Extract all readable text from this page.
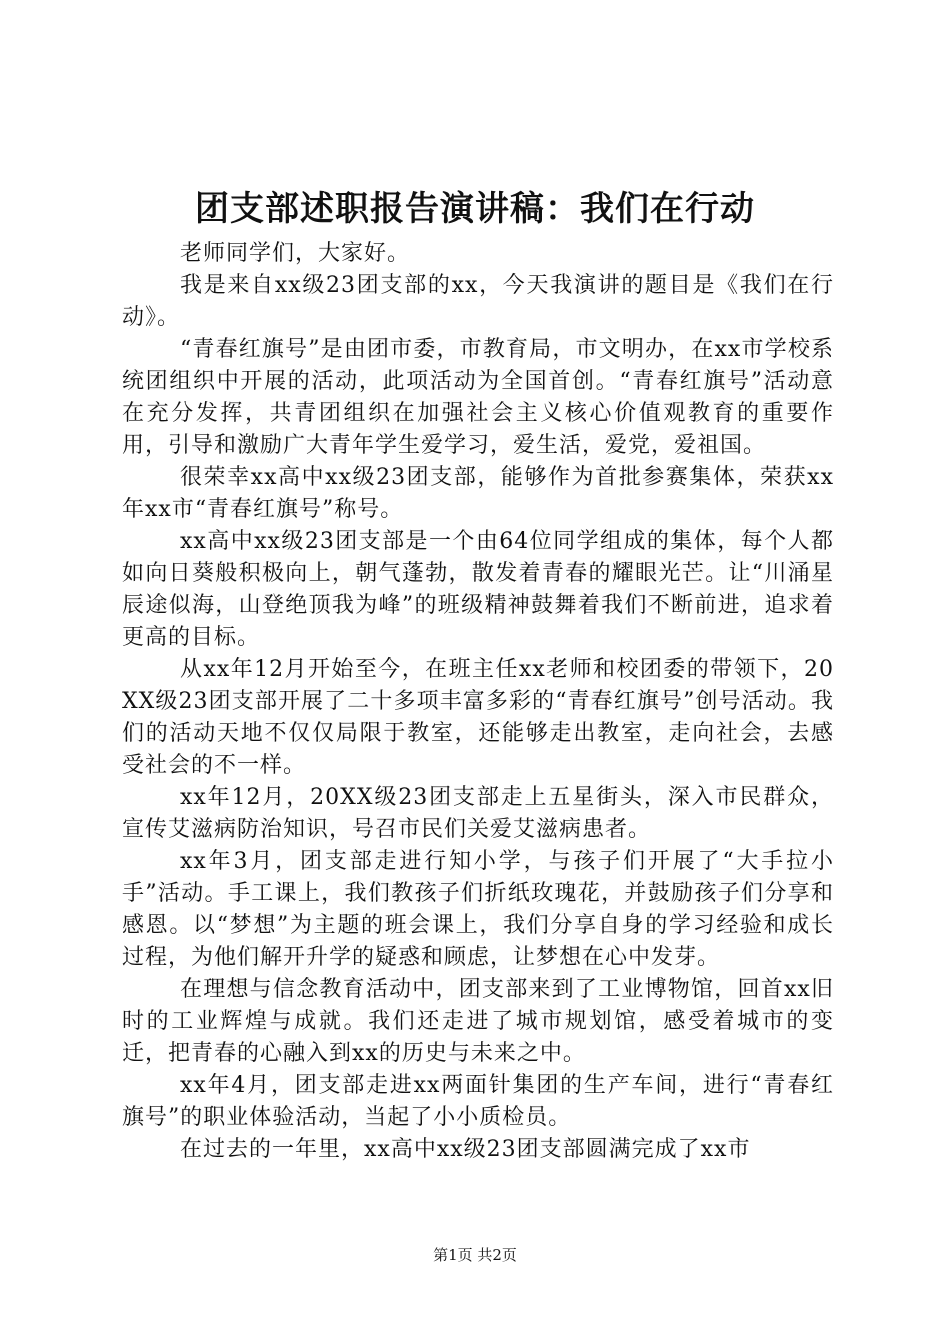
团支部述职报告演讲稿：我们在行动

老师同学们，大家好。

我是来自xx级23团支部的xx，今天我演讲的题目是《我们在行动》。

“青春红旗号”是由团市委，市教育局，市文明办，在xx市学校系统团组织中开展的活动，此项活动为全国首创。“青春红旗号”活动意在充分发挥，共青团组织在加强社会主义核心价值观教育的重要作用，引导和激励广大青年学生爱学习，爱生活，爱党，爱祖国。

很荣幸xx高中xx级23团支部，能够作为首批参赛集体，荣获xx年xx市“青春红旗号”称号。

xx高中xx级23团支部是一个由64位同学组成的集体，每个人都如向日葵般积极向上，朝气蓬勃，散发着青春的耀眼光芒。让“川涌星辰途似海，山登绝顶我为峰”的班级精神鼓舞着我们不断前进，追求着更高的目标。

从xx年12月开始至今，在班主任xx老师和校团委的带领下，20XX级23团支部开展了二十多项丰富多彩的“青春红旗号”创号活动。我们的活动天地不仅仅局限于教室，还能够走出教室，走向社会，去感受社会的不一样。

xx年12月，20XX级23团支部走上五星街头，深入市民群众，宣传艾滋病防治知识，号召市民们关爱艾滋病患者。

xx年3月，团支部走进行知小学，与孩子们开展了“大手拉小手”活动。手工课上，我们教孩子们折纸玫瑰花，并鼓励孩子们分享和感恩。以“梦想”为主题的班会课上，我们分享自身的学习经验和成长过程，为他们解开升学的疑惑和顾虑，让梦想在心中发芽。

在理想与信念教育活动中，团支部来到了工业博物馆，回首xx旧时的工业辉煌与成就。我们还走进了城市规划馆，感受着城市的变迁，把青春的心融入到xx的历史与未来之中。

xx年4月，团支部走进xx两面针集团的生产车间，进行“青春红旗号”的职业体验活动，当起了小小质检员。

在过去的一年里，xx高中xx级23团支部圆满完成了xx市

第1页 共2页
